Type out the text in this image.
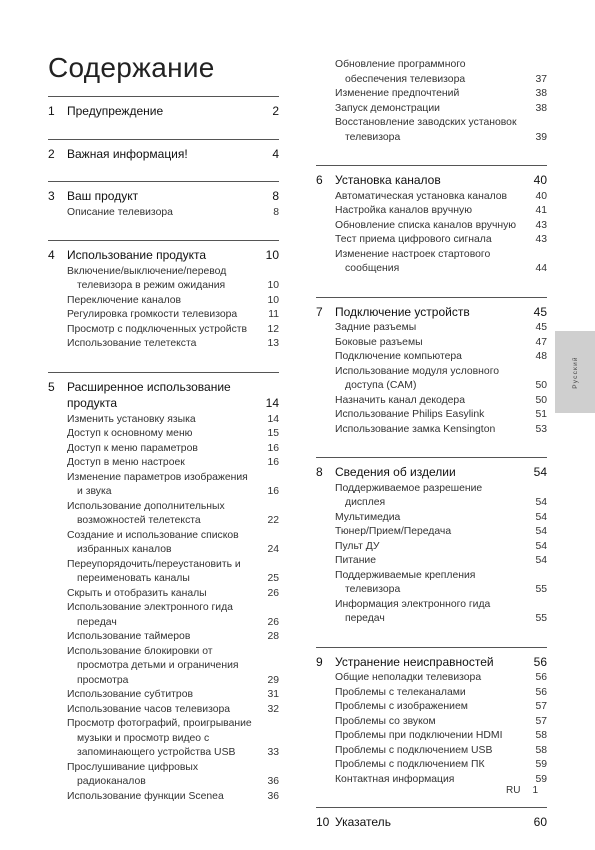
Содержание
1	Предупреждение	2
2	Важная информация!	4
3	Ваш продукт	8
Описание телевизора	8
4	Использование продукта	10
Включение/выключение/перевод
телевизора в режим ожидания	10
Переключение каналов	10
Регулировка громкости телевизора	11
Просмотр с подключенных устройств	12
Использование телетекста	13
5	Расширенное использование
продукта	14
Изменить установку языка	14
Доступ к основному меню	15
Доступ к меню параметров	16
Доступ в меню настроек	16
Изменение параметров изображения
и звука	16
Использование дополнительных
возможностей телетекста	22
Создание и использование списков
избранных каналов	24
Переупорядочить/переустановить и
переименовать каналы	25
Скрыть и отобразить каналы	26
Использование электронного гида
передач	26
Использование таймеров	28
Использование блокировки от
просмотра детьми и ограничения
просмотра	29
Использование субтитров	31
Использование часов телевизора	32
Просмотр фотографий, проигрывание
музыки и просмотр видео с
запоминающего устройства USB	33
Прослушивание цифровых
радиоканалов	36
Использование функции Scenea	36
Обновление программного
обеспечения телевизора	37
Изменение предпочтений	38
Запуск демонстрации	38
Восстановление заводских установок
телевизора	39
6	Установка каналов	40
Автоматическая установка каналов	40
Настройка каналов вручную	41
Обновление списка каналов вручную	43
Тест приема цифрового сигнала	43
Изменение настроек стартового
сообщения	44
7	Подключение устройств	45
Задние разъемы	45
Боковые разъемы	47
Подключение компьютера	48
Использование модуля условного
доступа (CAM)	50
Назначить канал декодера	50
Использование Philips Easylink	51
Использование замка Kensington	53
8	Сведения об изделии	54
Поддерживаемое разрешение
дисплея	54
Мультимедиа	54
Тюнер/Прием/Передача	54
Пульт ДУ	54
Питание	54
Поддерживаемые крепления
телевизора	55
Информация электронного гида
передач	55
9	Устранение неисправностей	56
Общие неполадки телевизора	56
Проблемы с телеканалами	56
Проблемы с изображением	57
Проблемы со звуком	57
Проблемы при подключении HDMI	58
Проблемы с подключением USB	58
Проблемы с подключением ПК	59
Контактная информация	59
10 Указатель	60
Русский
RU 1
